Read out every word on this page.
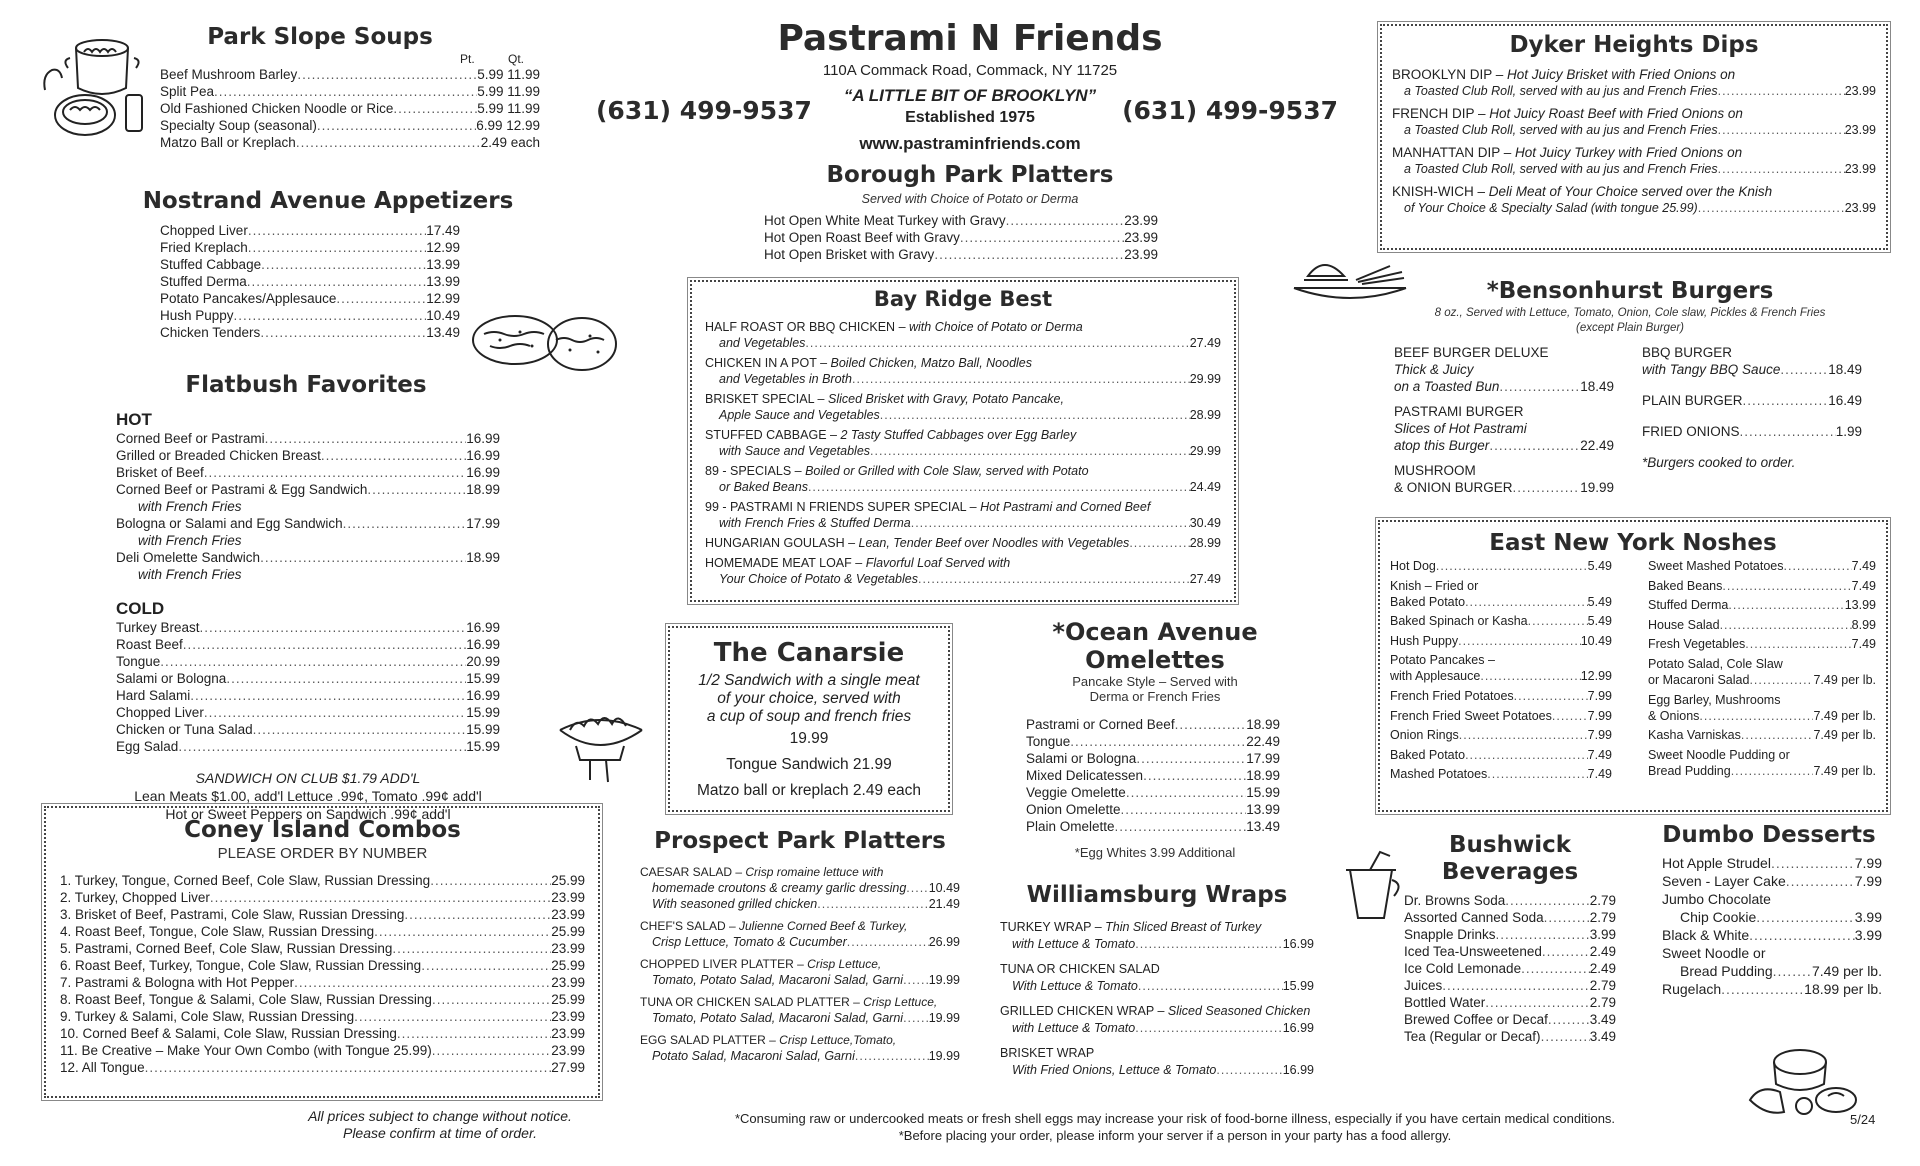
Pastrami N Friends
110A Commack Road, Commack, NY 11725
(631) 499-9537	(631) 499-9537
“A LITTLE BIT OF BROOKLYN”
Established 1975
www.pastraminfriends.com
Park Slope Soups
Pt.	Qt.
Beef Mushroom Barley .....	5.99 11.99
Split Pea .....	5.99 11.99
Old Fashioned Chicken Noodle or Rice .....	5.99 11.99
Specialty Soup (seasonal) .....	6.99 12.99
Matzo Ball or Kreplach .....	2.49 each
Nostrand Avenue Appetizers
Chopped Liver .....	17.49
Fried Kreplach .....	12.99
Stuffed Cabbage .....	13.99
Stuffed Derma .....	13.99
Potato Pancakes/Applesauce .....	12.99
Hush Puppy .....	10.49
Chicken Tenders .....	13.49
Flatbush Favorites
HOT
Corned Beef or Pastrami .....	16.99
Grilled or Breaded Chicken Breast .....	16.99
Brisket of Beef .....	16.99
Corned Beef or Pastrami & Egg Sandwich .....	18.99
with French Fries
Bologna or Salami and Egg Sandwich .....	17.99
with French Fries
Deli Omelette Sandwich .....	18.99
with French Fries
COLD
Turkey Breast .....	16.99
Roast Beef .....	16.99
Tongue .....	20.99
Salami or Bologna .....	15.99
Hard Salami .....	16.99
Chopped Liver .....	15.99
Chicken or Tuna Salad .....	15.99
Egg Salad .....	15.99
SANDWICH ON CLUB $1.79 ADD'L
Lean Meats $1.00, add'l Lettuce .99¢, Tomato .99¢ add'l
Hot or Sweet Peppers on Sandwich .99¢ add'l
Coney Island Combos
PLEASE ORDER BY NUMBER
1. Turkey, Tongue, Corned Beef, Cole Slaw, Russian Dressing .....	25.99
2. Turkey, Chopped Liver .....	23.99
3. Brisket of Beef, Pastrami, Cole Slaw, Russian Dressing .....	23.99
4. Roast Beef, Tongue, Cole Slaw, Russian Dressing .....	25.99
5. Pastrami, Corned Beef, Cole Slaw, Russian Dressing .....	23.99
6. Roast Beef, Turkey, Tongue, Cole Slaw, Russian Dressing .....	25.99
7. Pastrami & Bologna with Hot Pepper .....	23.99
8. Roast Beef, Tongue & Salami, Cole Slaw, Russian Dressing .....	25.99
9. Turkey & Salami, Cole Slaw, Russian Dressing .....	23.99
10. Corned Beef & Salami, Cole Slaw, Russian Dressing .....	23.99
11. Be Creative – Make Your Own Combo (with Tongue 25.99) .....	23.99
12. All Tongue .....	27.99
All prices subject to change without notice.
Please confirm at time of order.
*Consuming raw or undercooked meats or fresh shell eggs may increase your risk of food-borne illness, especially if you have certain medical conditions.
*Before placing your order, please inform your server if a person in your party has a food allergy.
5/24
Borough Park Platters
Served with Choice of Potato or Derma
Hot Open White Meat Turkey with Gravy .....	23.99
Hot Open Roast Beef with Gravy .....	23.99
Hot Open Brisket with Gravy .....	23.99
Bay Ridge Best
HALF ROAST OR BBQ CHICKEN – with Choice of Potato or Derma
and Vegetables .....	27.49
CHICKEN IN A POT – Boiled Chicken, Matzo Ball, Noodles
and Vegetables in Broth .....	29.99
BRISKET SPECIAL – Sliced Brisket with Gravy, Potato Pancake,
Apple Sauce and Vegetables .....	28.99
STUFFED CABBAGE – 2 Tasty Stuffed Cabbages over Egg Barley
with Sauce and Vegetables .....	29.99
89 - SPECIALS – Boiled or Grilled with Cole Slaw, served with Potato
or Baked Beans .....	24.49
99 - PASTRAMI N FRIENDS SUPER SPECIAL – Hot Pastrami and Corned Beef
with French Fries & Stuffed Derma .....	30.49
HUNGARIAN GOULASH – Lean, Tender Beef over Noodles with Vegetables .....	28.99
HOMEMADE MEAT LOAF – Flavorful Loaf Served with
Your Choice of Potato & Vegetables .....	27.49
The Canarsie
1/2 Sandwich with a single meat
of your choice, served with
a cup of soup and french fries
19.99
Tongue Sandwich 21.99
Matzo ball or kreplach 2.49 each
*Ocean Avenue
Omelettes
Pancake Style – Served with
Derma or French Fries
Pastrami or Corned Beef .....	18.99
Tongue .....	22.49
Salami or Bologna .....	17.99
Mixed Delicatessen .....	18.99
Veggie Omelette .....	15.99
Onion Omelette .....	13.99
Plain Omelette .....	13.49
*Egg Whites 3.99 Additional
Prospect Park Platters
CAESAR SALAD – Crisp romaine lettuce with
homemade croutons & creamy garlic dressing ..... 10.49
With seasoned grilled chicken .....	21.49
CHEF'S SALAD – Julienne Corned Beef & Turkey,
Crisp Lettuce, Tomato & Cucumber .....	26.99
CHOPPED LIVER PLATTER – Crisp Lettuce,
Tomato, Potato Salad, Macaroni Salad, Garni ..... 19.99
TUNA OR CHICKEN SALAD PLATTER – Crisp Lettuce,
Tomato, Potato Salad, Macaroni Salad, Garni ..... 19.99
EGG SALAD PLATTER – Crisp Lettuce,Tomato,
Potato Salad, Macaroni Salad, Garni .....	19.99
Williamsburg Wraps
TURKEY WRAP – Thin Sliced Breast of Turkey
with Lettuce & Tomato .....	16.99
TUNA OR CHICKEN SALAD
With Lettuce & Tomato .....	15.99
GRILLED CHICKEN WRAP – Sliced Seasoned Chicken
with Lettuce & Tomato .....	16.99
BRISKET WRAP
With Fried Onions, Lettuce & Tomato .....	16.99
Dyker Heights Dips
BROOKLYN DIP – Hot Juicy Brisket with Fried Onions on
a Toasted Club Roll, served with au jus and French Fries .....	23.99
FRENCH DIP – Hot Juicy Roast Beef with Fried Onions on
a Toasted Club Roll, served with au jus and French Fries .....	23.99
MANHATTAN DIP – Hot Juicy Turkey with Fried Onions on
a Toasted Club Roll, served with au jus and French Fries .....	23.99
KNISH-WICH – Deli Meat of Your Choice served over the Knish
of Your Choice & Specialty Salad (with tongue 25.99) .....	23.99
*Bensonhurst Burgers
8 oz., Served with Lettuce, Tomato, Onion, Cole slaw, Pickles & French Fries
(except Plain Burger)
BEEF BURGER DELUXE
Thick & Juicy
on a Toasted Bun .....	18.49
PASTRAMI BURGER
Slices of Hot Pastrami
atop this Burger .....	22.49
MUSHROOM
& ONION BURGER .....	19.99
BBQ BURGER
with Tangy BBQ Sauce .....	18.49
PLAIN BURGER .....	16.49
FRIED ONIONS .....	1.99
*Burgers cooked to order.
East New York Noshes
Hot Dog .....	5.49
Knish – Fried or
Baked Potato .....	5.49
Baked Spinach or Kasha .....	5.49
Hush Puppy .....	10.49
Potato Pancakes –
with Applesauce .....	12.99
French Fried Potatoes .....	7.99
French Fried Sweet Potatoes .....	7.99
Onion Rings .....	7.99
Baked Potato .....	7.49
Mashed Potatoes .....	7.49
Sweet Mashed Potatoes .....	7.49
Baked Beans .....	7.49
Stuffed Derma .....	13.99
House Salad .....	8.99
Fresh Vegetables .....	7.49
Potato Salad, Cole Slaw
or Macaroni Salad .....	7.49 per lb.
Egg Barley, Mushrooms
& Onions .....	7.49 per lb.
Kasha Varniskas .....	7.49 per lb.
Sweet Noodle Pudding or
Bread Pudding .....	7.49 per lb.
Bushwick
Beverages
Dr. Browns Soda .....	2.79
Assorted Canned Soda .....	2.79
Snapple Drinks .....	3.99
Iced Tea-Unsweetened .....	2.49
Ice Cold Lemonade .....	2.49
Juices .....	2.79
Bottled Water .....	2.79
Brewed Coffee or Decaf .....	3.49
Tea (Regular or Decaf) .....	3.49
Dumbo Desserts
Hot Apple Strudel .....	7.99
Seven - Layer Cake .....	7.99
Jumbo Chocolate
Chip Cookie .....	3.99
Black & White .....	3.99
Sweet Noodle or
Bread Pudding .....	7.49 per lb.
Rugelach .....	18.99 per lb.
